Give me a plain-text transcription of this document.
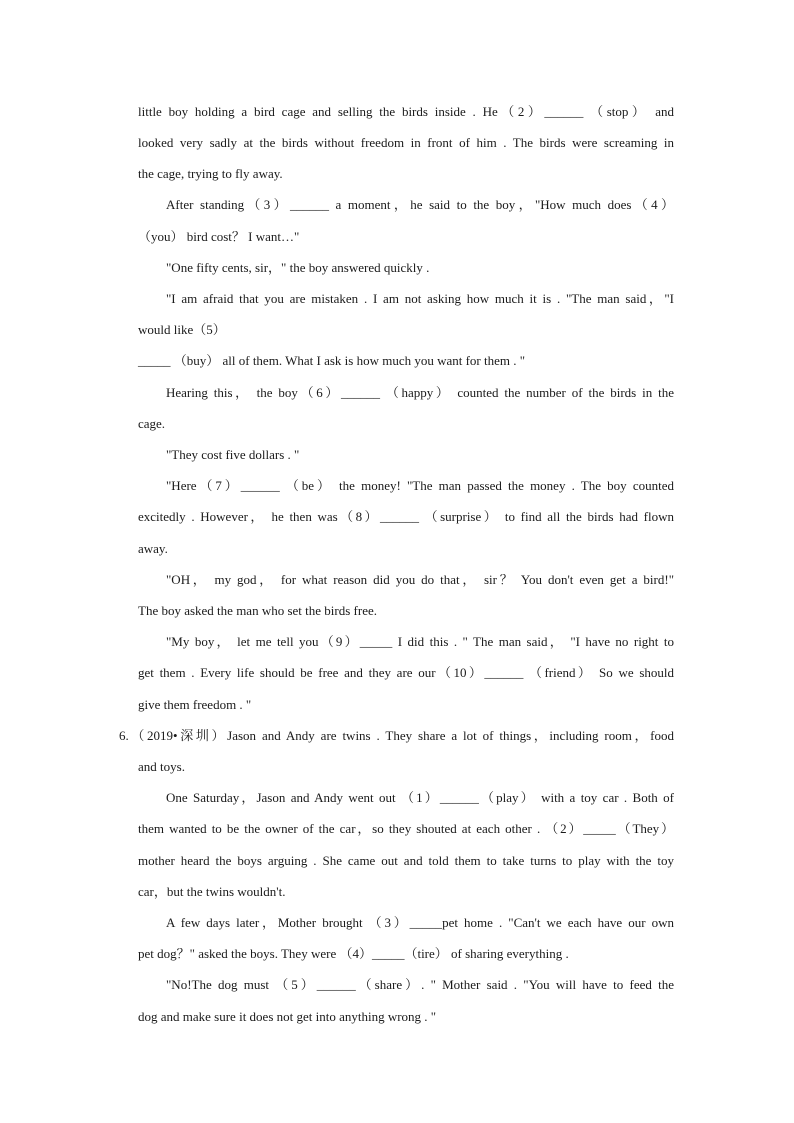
little boy holding a bird cage and selling the birds inside . He（2）______ （stop） and
looked very sadly at the birds without freedom in front of him . The birds were screaming in
the cage, trying to fly away.
After standing（3）______ a moment，he said to the boy，"How much does（4）
（you） bird cost？ I want…"
"One fifty cents, sir，" the boy answered quickly .
"I am afraid that you are mistaken . I am not asking how much it is . "The man said，"I
would like（5）
_____ （buy） all of them. What I ask is how much you want for them . "
Hearing this， the boy（6）______ （happy） counted the number of the birds in the
cage.
"They cost five dollars . "
"Here（7）______ （be） the money! "The man passed the money . The boy counted
excitedly . However， he then was（8）______ （surprise） to find all the birds had flown
away.
"OH， my god， for what reason did you do that， sir？ You don't even get a bird!"
The boy asked the man who set the birds free.
"My boy， let me tell you（9）_____ I did this . " The man said， "I have no right to
get them . Every life should be free and they are our（10）______ （friend） So we should
give them freedom . "
6.（2019•深圳）Jason and Andy are twins . They share a lot of things，including room，food
and toys.
One Saturday，Jason and Andy went out （1）______（play） with a toy car . Both of
them wanted to be the owner of the car，so they shouted at each other . （2）_____（They）
mother heard the boys arguing . She came out and told them to take turns to play with the toy
car，but the twins wouldn't.
A few days later，Mother brought （3）_____pet home . "Can't we each have our own
pet dog？" asked the boys. They were （4）_____（tire） of sharing everything .
"No!The dog must （5）______（share）. " Mother said . "You will have to feed the
dog and make sure it does not get into anything wrong . "
